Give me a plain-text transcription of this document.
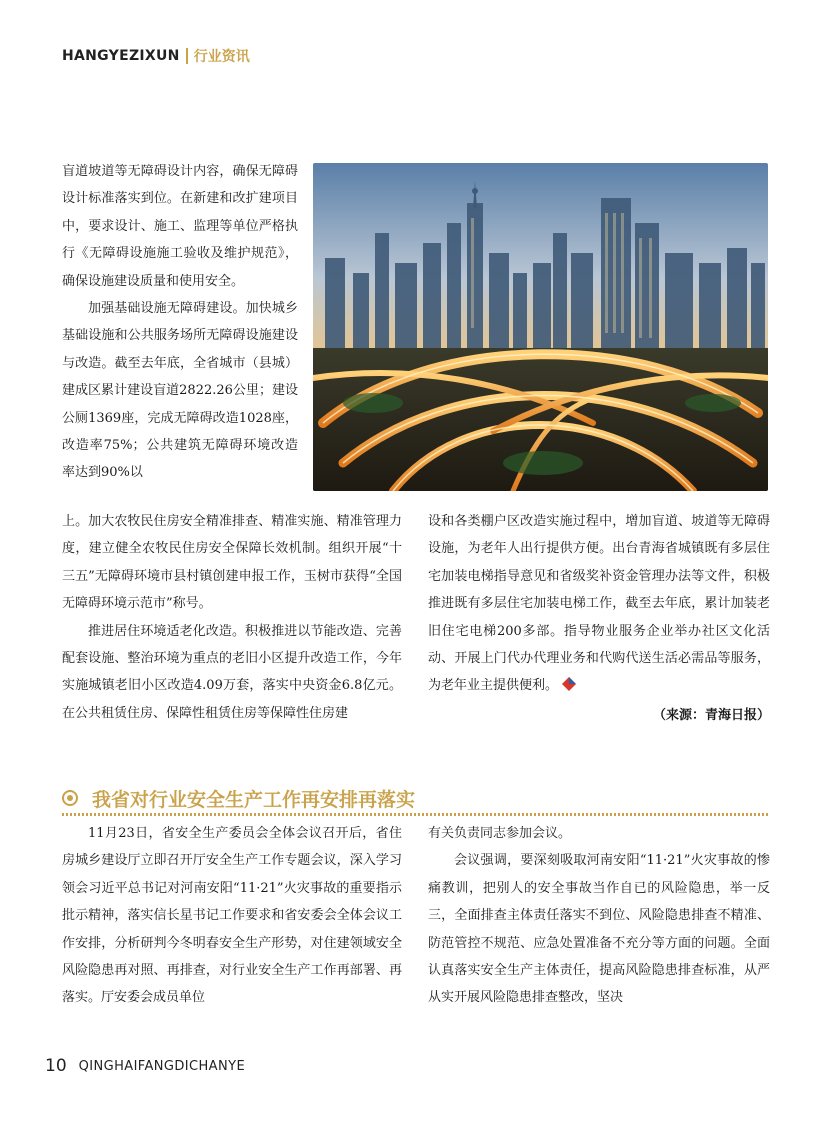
HANGYEZIXUN 行业资讯

盲道坡道等无障碍设计内容，确保无障碍设计标准落实到位。在新建和改扩建项目中，要求设计、施工、监理等单位严格执行《无障碍设施施工验收及维护规范》，确保设施建设质量和使用安全。

加强基础设施无障碍建设。加快城乡基础设施和公共服务场所无障碍设施建设与改造。截至去年底，全省城市（县城）建成区累计建设盲道2822.26公里；建设公厕1369座，完成无障碍改造1028座，改造率75%；公共建筑无障碍环境改造率达到90%以

上。加大农牧民住房安全精准排查、精准实施、精准管理力度，建立健全农牧民住房安全保障长效机制。组织开展“十三五”无障碍环境市县村镇创建申报工作，玉树市获得“全国无障碍环境示范市”称号。

推进居住环境适老化改造。积极推进以节能改造、完善配套设施、整治环境为重点的老旧小区提升改造工作，今年实施城镇老旧小区改造4.09万套，落实中央资金6.8亿元。在公共租赁住房、保障性租赁住房等保障性住房建

设和各类棚户区改造实施过程中，增加盲道、坡道等无障碍设施，为老年人出行提供方便。出台青海省城镇既有多层住宅加装电梯指导意见和省级奖补资金管理办法等文件，积极推进既有多层住宅加装电梯工作，截至去年底，累计加装老旧住宅电梯200多部。指导物业服务企业举办社区文化活动、开展上门代办代理业务和代购代送生活必需品等服务，为老年业主提供便利。

（来源：青海日报）

我省对行业安全生产工作再安排再落实

11月23日，省安全生产委员会全体会议召开后，省住房城乡建设厅立即召开厅安全生产工作专题会议，深入学习领会习近平总书记对河南安阳“11·21”火灾事故的重要指示批示精神，落实信长星书记工作要求和省安委会全体会议工作安排，分析研判今冬明春安全生产形势，对住建领域安全风险隐患再对照、再排查，对行业安全生产工作再部署、再落实。厅安委会成员单位

有关负责同志参加会议。

会议强调，要深刻吸取河南安阳“11·21”火灾事故的惨痛教训，把别人的安全事故当作自已的风险隐患，举一反三，全面排查主体责任落实不到位、风险隐患排查不精准、防范管控不规范、应急处置准备不充分等方面的问题。全面认真落实安全生产主体责任，提高风险隐患排查标准，从严从实开展风险隐患排查整改，坚决

10 QINGHAIFANGDICHANYE
